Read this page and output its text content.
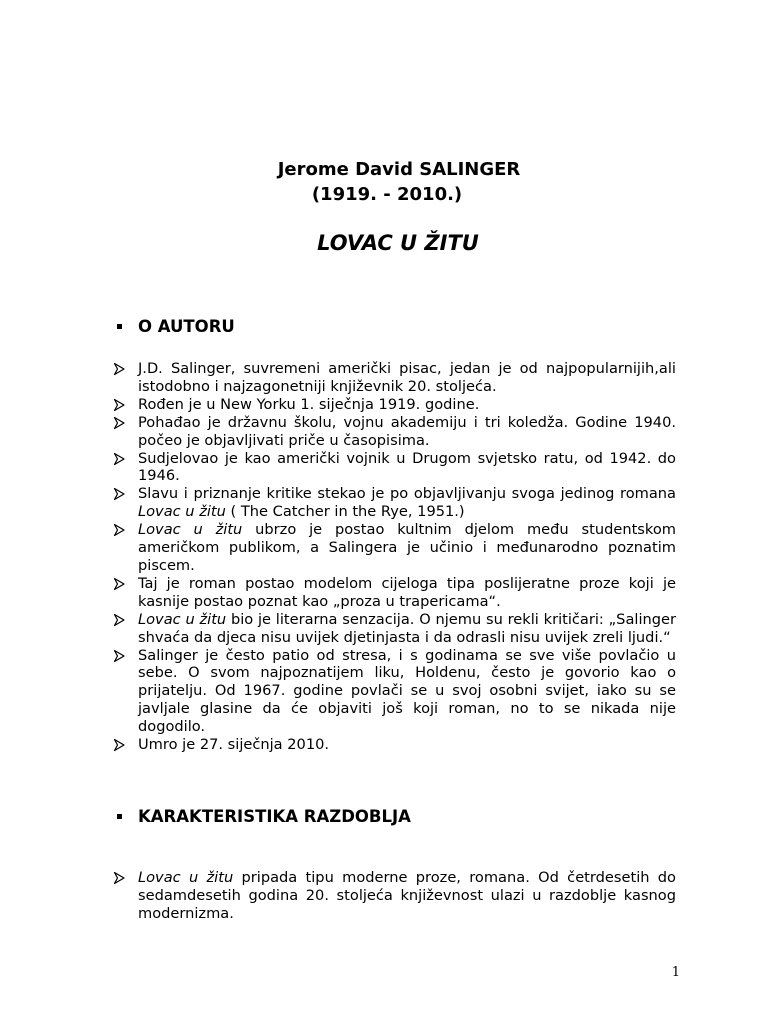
Jerome David SALINGER
(1919. - 2010.)
LOVAC U ŽITU
O AUTORU
J.D. Salinger, suvremeni američki pisac, jedan je od najpopularnijih,ali istodobno i najzagonetniji književnik 20. stoljeća.
Rođen je u New Yorku 1. siječnja 1919. godine.
Pohađao je državnu školu, vojnu akademiju i tri koledža. Godine 1940. počeo je objavljivati priče u časopisima.
Sudjelovao je kao američki vojnik u Drugom svjetsko ratu, od 1942. do 1946.
Slavu i priznanje kritike stekao je po objavljivanju svoga jedinog romana Lovac u žitu ( The Catcher in the Rye, 1951.)
Lovac u žitu ubrzo je postao kultnim djelom među studentskom američkom publikom, a Salingera je učinio i međunarodno poznatim piscem.
Taj je roman postao modelom cijeloga tipa poslijeratne proze koji je kasnije postao poznat kao „proza u trapericama“.
Lovac u žitu bio je literarna senzacija. O njemu su rekli kritičari: „Salinger shvaća da djeca nisu uvijek djetinjasta i da odrasli nisu uvijek zreli ljudi.“
Salinger je često patio od stresa, i s godinama se sve više povlačio u sebe. O svom najpoznatijem liku, Holdenu, često je govorio kao o prijatelju. Od 1967. godine povlači se u svoj osobni svijet, iako su se javljale glasine da će objaviti još koji roman, no to se nikada nije dogodilo.
Umro je 27. siječnja 2010.
KARAKTERISTIKA RAZDOBLJA
Lovac u žitu pripada tipu moderne proze, romana. Od četrdesetih do sedamdesetih godina 20. stoljeća književnost ulazi u razdoblje kasnog modernizma.
1
